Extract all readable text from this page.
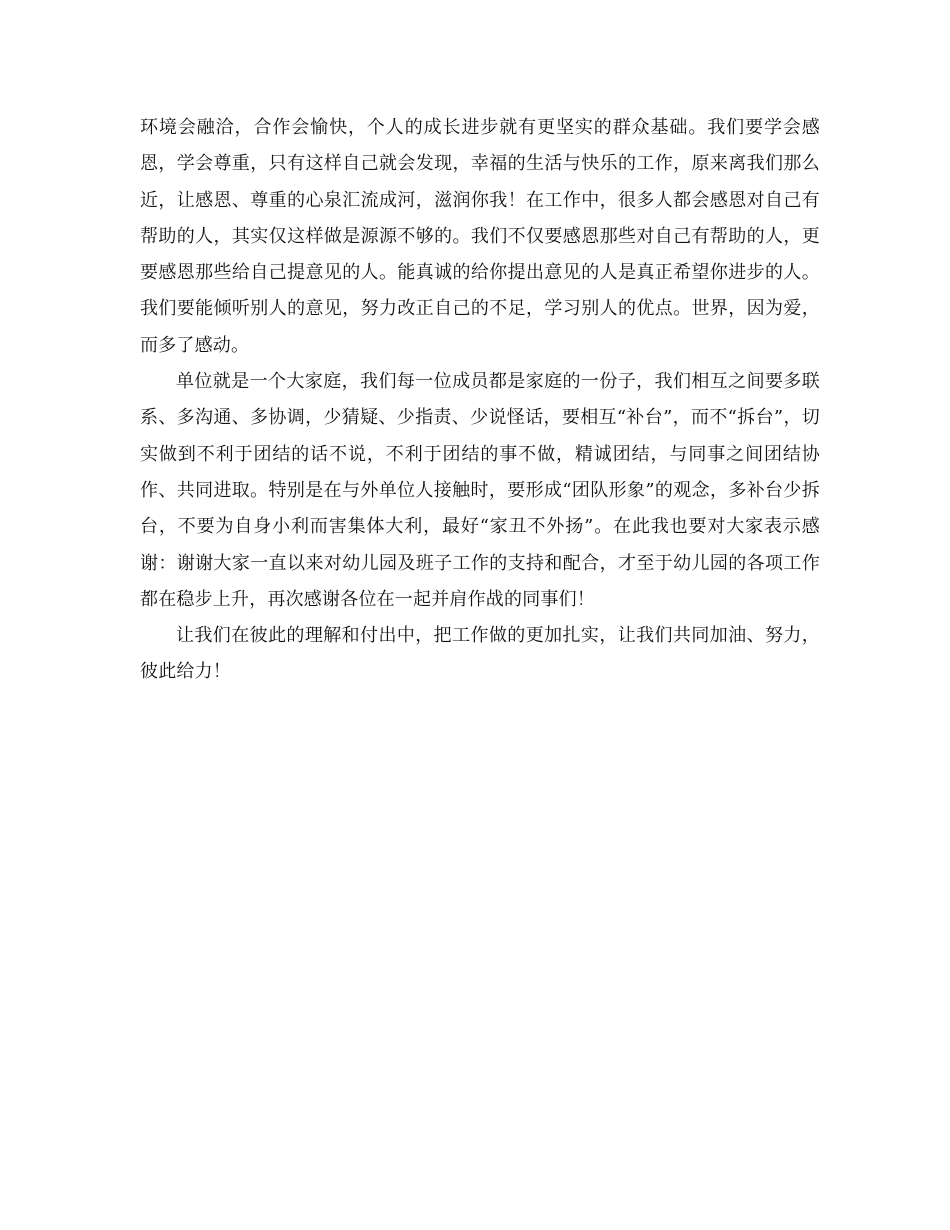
环境会融洽，合作会愉快，个人的成长进步就有更坚实的群众基础。我们要学会感恩，学会尊重，只有这样自己就会发现，幸福的生活与快乐的工作，原来离我们那么近，让感恩、尊重的心泉汇流成河，滋润你我！在工作中，很多人都会感恩对自己有帮助的人，其实仅这样做是源源不够的。我们不仅要感恩那些对自己有帮助的人，更要感恩那些给自己提意见的人。能真诚的给你提出意见的人是真正希望你进步的人。我们要能倾听别人的意见，努力改正自己的不足，学习别人的优点。世界，因为爱，而多了感动。

单位就是一个大家庭，我们每一位成员都是家庭的一份子，我们相互之间要多联系、多沟通、多协调，少猜疑、少指责、少说怪话，要相互“补台”，而不“拆台”，切实做到不利于团结的话不说，不利于团结的事不做，精诚团结，与同事之间团结协作、共同进取。特别是在与外单位人接触时，要形成“团队形象”的观念，多补台少拆台，不要为自身小利而害集体大利，最好“家丑不外扬”。在此我也要对大家表示感谢：谢谢大家一直以来对幼儿园及班子工作的支持和配合，才至于幼儿园的各项工作都在稳步上升，再次感谢各位在一起并肩作战的同事们！

让我们在彼此的理解和付出中，把工作做的更加扎实，让我们共同加油、努力，彼此给力！
